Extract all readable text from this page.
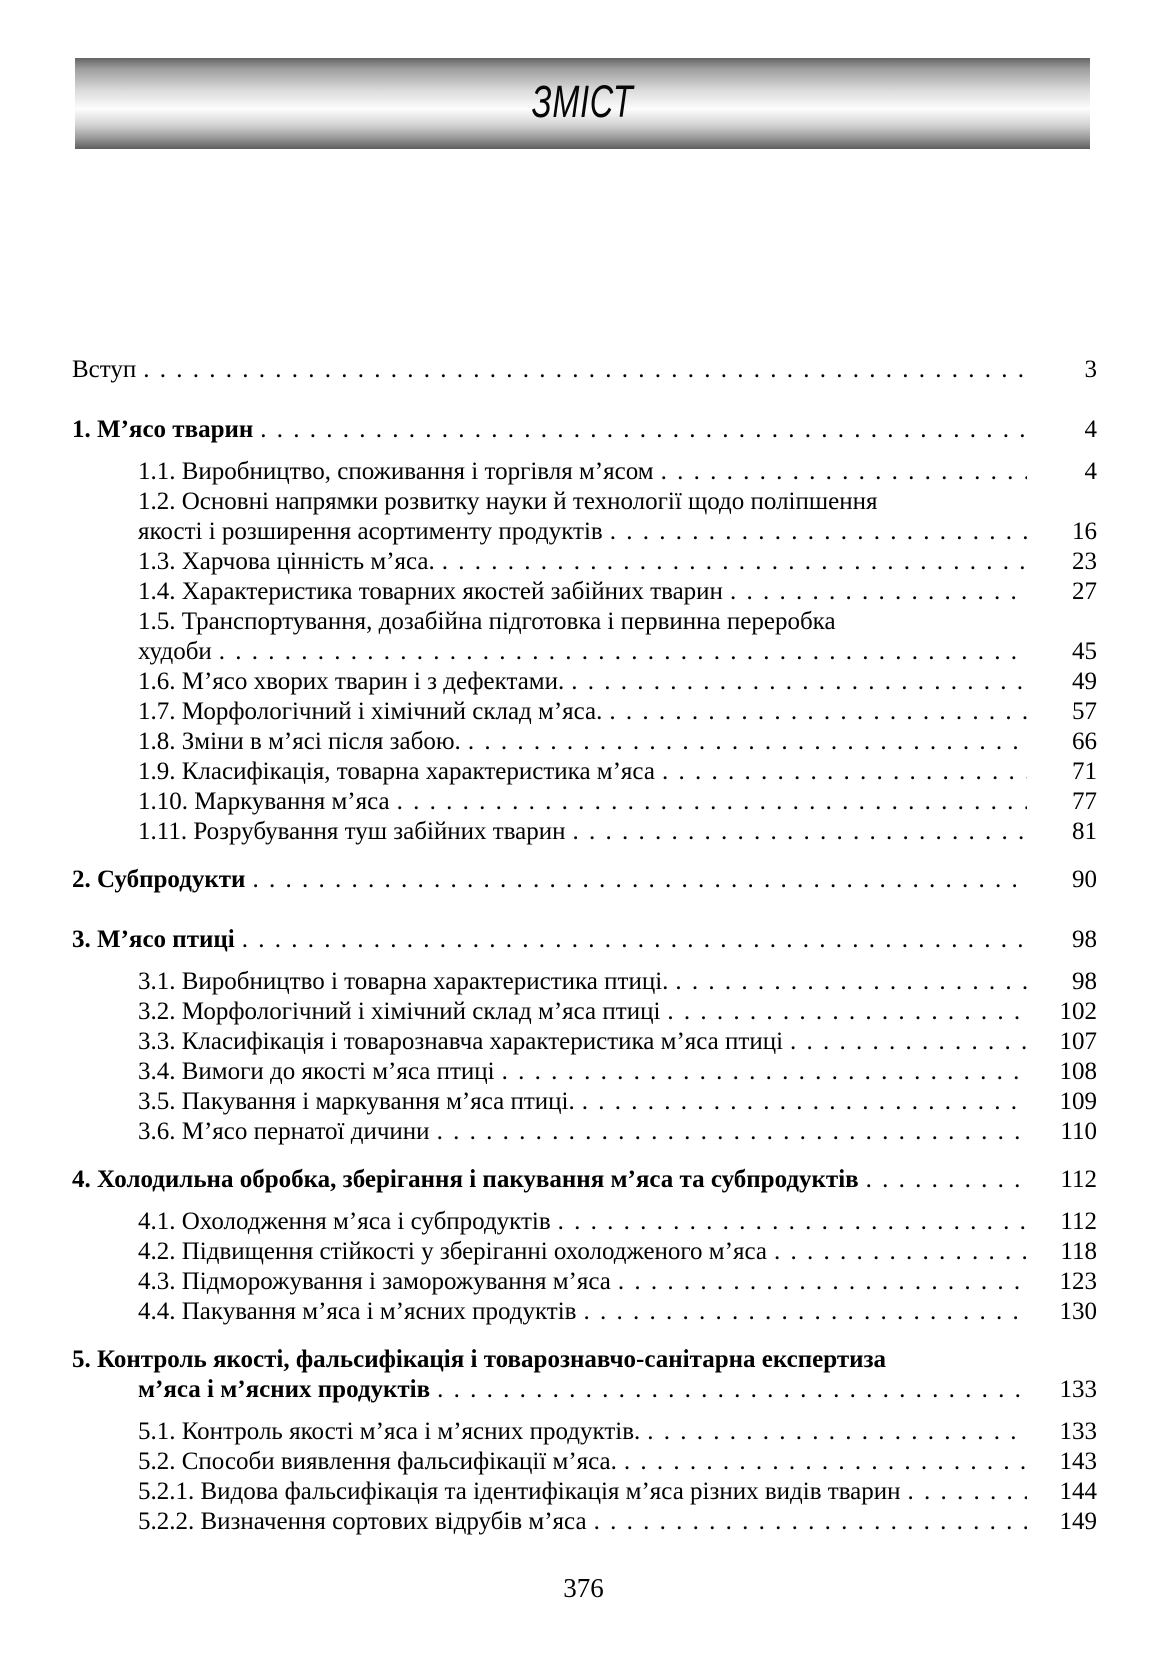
ЗМІСТ
Вступ . . .	3
1. М’ясо тварин . . .	4
1.1. Виробництво, споживання і торгівля м’ясом . . .	4
1.2. Основні напрямки розвитку науки й технології щодо поліпшення
якості і розширення асортименту продуктів . . .	16
1.3. Харчова цінність м’яса. . . .	23
1.4. Характеристика товарних якостей забійних тварин . . .	27
1.5. Транспортування, дозабійна підготовка і первинна переробка
худоби . . .	45
1.6. М’ясо хворих тварин і з дефектами. . . .	49
1.7. Морфологічний і хімічний склад м’яса. . . .	57
1.8. Зміни в м’ясі після забою. . . .	66
1.9. Класифікація, товарна характеристика м’яса . . .	71
1.10. Маркування м’яса . . .	77
1.11. Розрубування туш забійних тварин . . .	81
2. Субпродукти . . .	90
3. М’ясо птиці . . .	98
3.1. Виробництво і товарна характеристика птиці. . . .	98
3.2. Морфологічний і хімічний склад м’яса птиці . . .	102
3.3. Класифікація і товарознавча характеристика м’яса птиці . . .	107
3.4. Вимоги до якості м’яса птиці . . .	108
3.5. Пакування і маркування м’яса птиці. . . .	109
3.6. М’ясо пернатої дичини . . .	110
4. Холодильна обробка, зберігання і пакування м’яса та субпродуктів . . .	112
4.1. Охолодження м’яса і субпродуктів . . .	112
4.2. Підвищення стійкості у зберіганні охолодженого м’яса . . .	118
4.3. Підморожування і заморожування м’яса . . .	123
4.4. Пакування м’яса і м’ясних продуктів . . .	130
5. Контроль якості, фальсифікація і товарознавчо-санітарна експертиза
м’яса і м’ясних продуктів . . .	133
5.1. Контроль якості м’яса і м’ясних продуктів. . . .	133
5.2. Способи виявлення фальсифікації м’яса. . . .	143
5.2.1. Видова фальсифікація та ідентифікація м’яса різних видів тварин . . .	144
5.2.2. Визначення сортових відрубів м’яса . . .	149
376
